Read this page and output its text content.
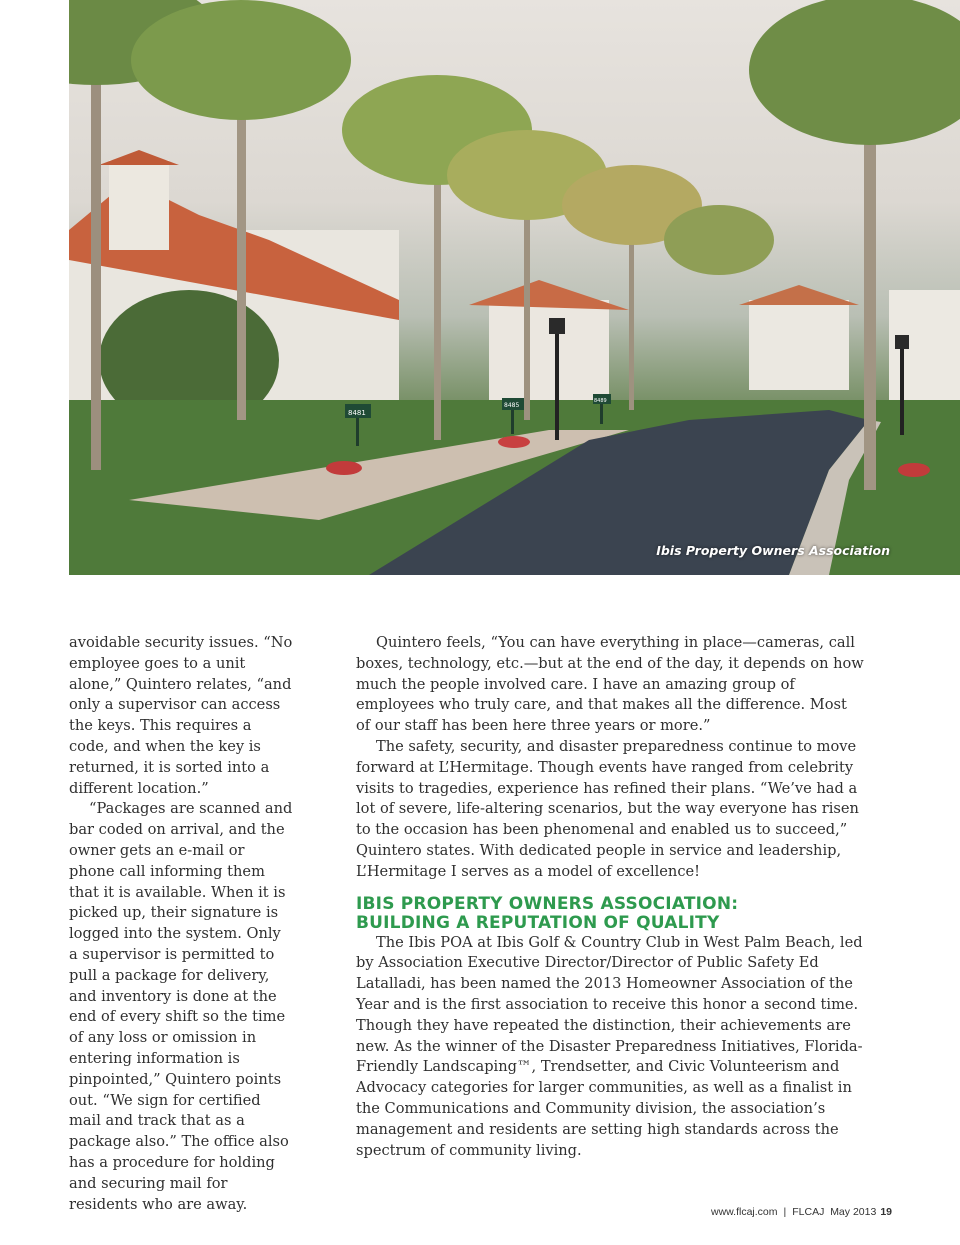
8481
8485
8489
Ibis Property Owners Association

avoidable security issues. “No employee goes to a unit alone,” Quintero relates, “and only a supervisor can access the keys. This requires a code, and when the key is returned, it is sorted into a different location.”

“Packages are scanned and bar coded on arrival, and the owner gets an e-mail or phone call informing them that it is available. When it is picked up, their signature is logged into the system. Only a supervisor is permitted to pull a package for delivery, and inventory is done at the end of every shift so the time of any loss or omission in entering information is pinpointed,” Quintero points out. “We sign for certified mail and track that as a package also.” The office also has a procedure for holding and securing mail for residents who are away.

Quintero feels, “You can have everything in place—cameras, call boxes, technology, etc.—but at the end of the day, it depends on how much the people involved care. I have an amazing group of employees who truly care, and that makes all the difference. Most of our staff has been here three years or more.”

The safety, security, and disaster preparedness continue to move forward at L’Hermitage. Though events have ranged from celebrity visits to tragedies, experience has refined their plans. “We’ve had a lot of severe, life-altering scenarios, but the way everyone has risen to the occasion has been phenomenal and enabled us to succeed,” Quintero states. With dedicated people in service and leadership, L’Hermitage I serves as a model of excellence!

IBIS PROPERTY OWNERS ASSOCIATION:
BUILDING A REPUTATION OF QUALITY

The Ibis POA at Ibis Golf & Country Club in West Palm Beach, led by Association Executive Director/Director of Public Safety Ed Latalladi, has been named the 2013 Homeowner Association of the Year and is the first association to receive this honor a second time. Though they have repeated the distinction, their achievements are new. As the winner of the Disaster Preparedness Initiatives, Florida-Friendly Landscaping™, Trendsetter, and Civic Volunteerism and Advocacy categories for larger communities, as well as a finalist in the Communications and Community division, the association’s management and residents are setting high standards across the spectrum of community living.

www.flcaj.com | FLCAJ May 2013 19
